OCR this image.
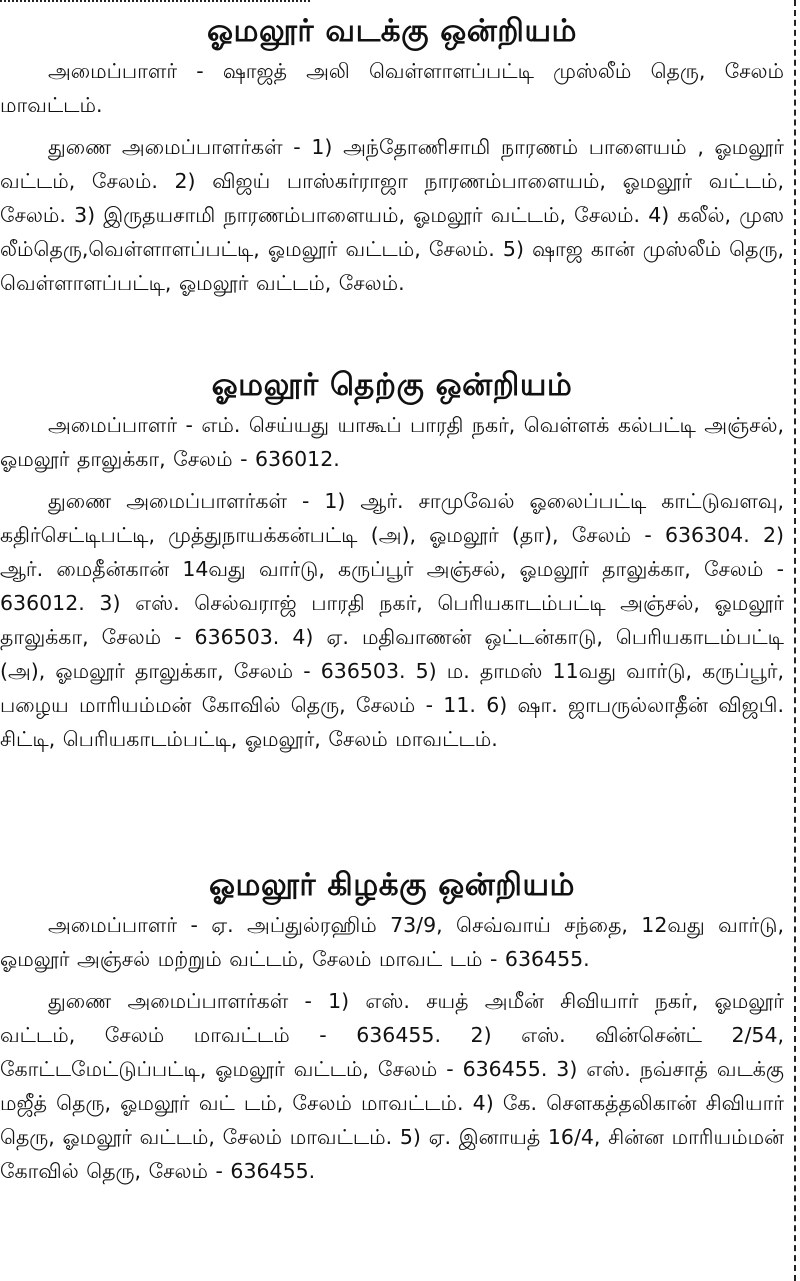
ஓமலூர் வடக்கு ஒன்றியம்

அமைப்பாளர் - ஷாஜத் அலி வெள்ளாளப்பட்டி முஸ்லீம் தெரு, சேலம் மாவட்டம்.

துணை அமைப்பாளர்கள் - 1) அந்தோணிசாமி நாரணம் பாளையம் , ஓமலூர் வட்டம், சேலம். 2) விஜய் பாஸ்கர்ராஜா நாரணம்பாளையம், ஓமலூர் வட்டம், சேலம். 3) இருதயசாமி நாரணம்பாளையம், ஓமலூர் வட்டம், சேலம். 4) கலீல், முஸ லீம்தெரு,வெள்ளாளப்பட்டி, ஓமலூர் வட்டம், சேலம். 5) ஷாஜ கான் முஸ்லீம் தெரு, வெள்ளாளப்பட்டி, ஓமலூர் வட்டம், சேலம்.

ஓமலூர் தெற்கு ஒன்றியம்

அமைப்பாளர் - எம். செய்யது யாகூப் பாரதி நகர், வெள்ளக் கல்பட்டி அஞ்சல், ஓமலூர் தாலுக்கா, சேலம் - 636012.

துணை அமைப்பாளர்கள் - 1) ஆர். சாமுவேல் ஓலைப்பட்டி காட்டுவளவு, கதிர்செட்டிபட்டி, முத்துநாயக்கன்பட்டி (அ), ஓமலூர் (தா), சேலம் - 636304. 2) ஆர். மைதீன்கான் 14வது வார்டு, கருப்பூர் அஞ்சல், ஓமலூர் தாலுக்கா, சேலம் - 636012. 3) எஸ். செல்வராஜ் பாரதி நகர், பெரியகாடம்பட்டி அஞ்சல், ஓமலூர் தாலுக்கா, சேலம் - 636503. 4) ஏ. மதிவாணன் ஒட்டன்காடு, பெரியகாடம்பட்டி (அ), ஓமலூர் தாலுக்கா, சேலம் - 636503. 5) ம. தாமஸ் 11வது வார்டு, கருப்பூர், பழைய மாரியம்மன் கோவில் தெரு, சேலம் - 11. 6) ஷா. ஜாபருல்லாதீன் விஜபி. சிட்டி, பெரியகாடம்பட்டி, ஓமலூர், சேலம் மாவட்டம்.

ஓமலூர் கிழக்கு ஒன்றியம்

அமைப்பாளர் - ஏ. அப்துல்ரஹிம் 73/9, செவ்வாய் சந்தை, 12வது வார்டு, ஓமலூர் அஞ்சல் மற்றும் வட்டம், சேலம் மாவட் டம் - 636455.

துணை அமைப்பாளர்கள் - 1) எஸ். சயத் அமீன் சிவியார் நகர், ஓமலூர் வட்டம், சேலம் மாவட்டம் - 636455. 2) எஸ். வின்சென்ட் 2/54, கோட்டமேட்டுப்பட்டி, ஓமலூர் வட்டம், சேலம் - 636455. 3) எஸ். நவ்சாத் வடக்கு மஜீத் தெரு, ஓமலூர் வட் டம், சேலம் மாவட்டம். 4) கே. சௌகத்தலிகான் சிவியார் தெரு, ஓமலூர் வட்டம், சேலம் மாவட்டம். 5) ஏ. இனாயத் 16/4, சின்ன மாரியம்மன் கோவில் தெரு, சேலம் - 636455.
